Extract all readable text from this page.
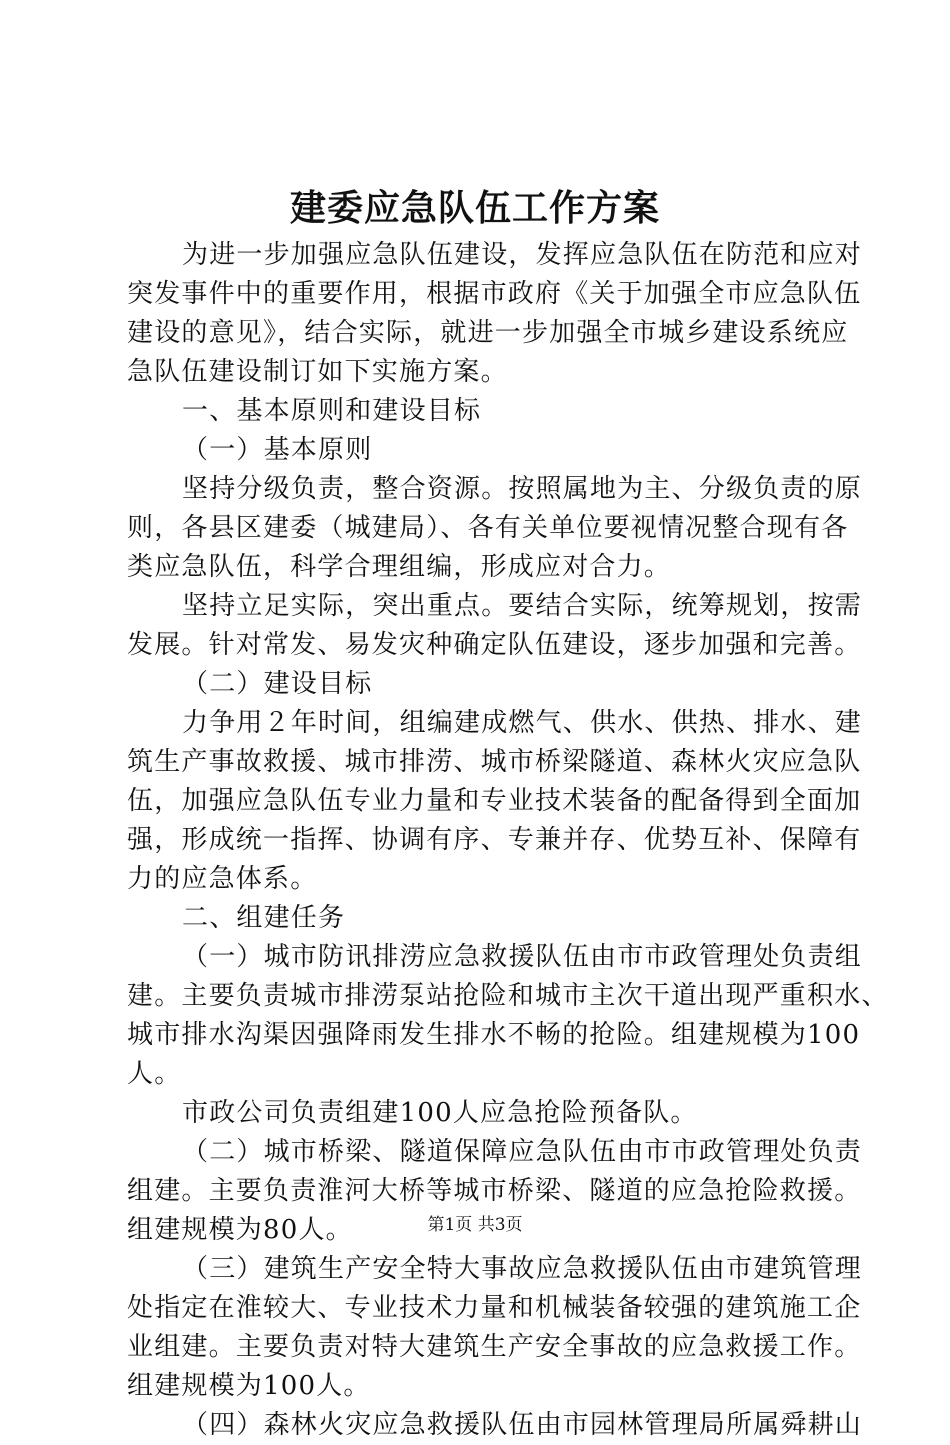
建委应急队伍工作方案
为进一步加强应急队伍建设，发挥应急队伍在防范和应对
突发事件中的重要作用，根据市政府《关于加强全市应急队伍
建设的意见》，结合实际，就进一步加强全市城乡建设系统应
急队伍建设制订如下实施方案。
一、基本原则和建设目标
（一）基本原则
坚持分级负责，整合资源。按照属地为主、分级负责的原
则，各县区建委（城建局）、各有关单位要视情况整合现有各
类应急队伍，科学合理组编，形成应对合力。
坚持立足实际，突出重点。要结合实际，统筹规划，按需
发展。针对常发、易发灾种确定队伍建设，逐步加强和完善。
（二）建设目标
力争用２年时间，组编建成燃气、供水、供热、排水、建
筑生产事故救援、城市排涝、城市桥梁隧道、森林火灾应急队
伍，加强应急队伍专业力量和专业技术装备的配备得到全面加
强，形成统一指挥、协调有序、专兼并存、优势互补、保障有
力的应急体系。
二、组建任务
（一）城市防讯排涝应急救援队伍由市市政管理处负责组
建。主要负责城市排涝泵站抢险和城市主次干道出现严重积水、
城市排水沟渠因强降雨发生排水不畅的抢险。组建规模为100
人。
市政公司负责组建100人应急抢险预备队。
（二）城市桥梁、隧道保障应急队伍由市市政管理处负责
组建。主要负责淮河大桥等城市桥梁、隧道的应急抢险救援。
组建规模为80人。
（三）建筑生产安全特大事故应急救援队伍由市建筑管理
处指定在淮较大、专业技术力量和机械装备较强的建筑施工企
业组建。主要负责对特大建筑生产安全事故的应急救援工作。
组建规模为100人。
（四）森林火灾应急救援队伍由市园林管理局所属舜耕山
第1页 共3页
